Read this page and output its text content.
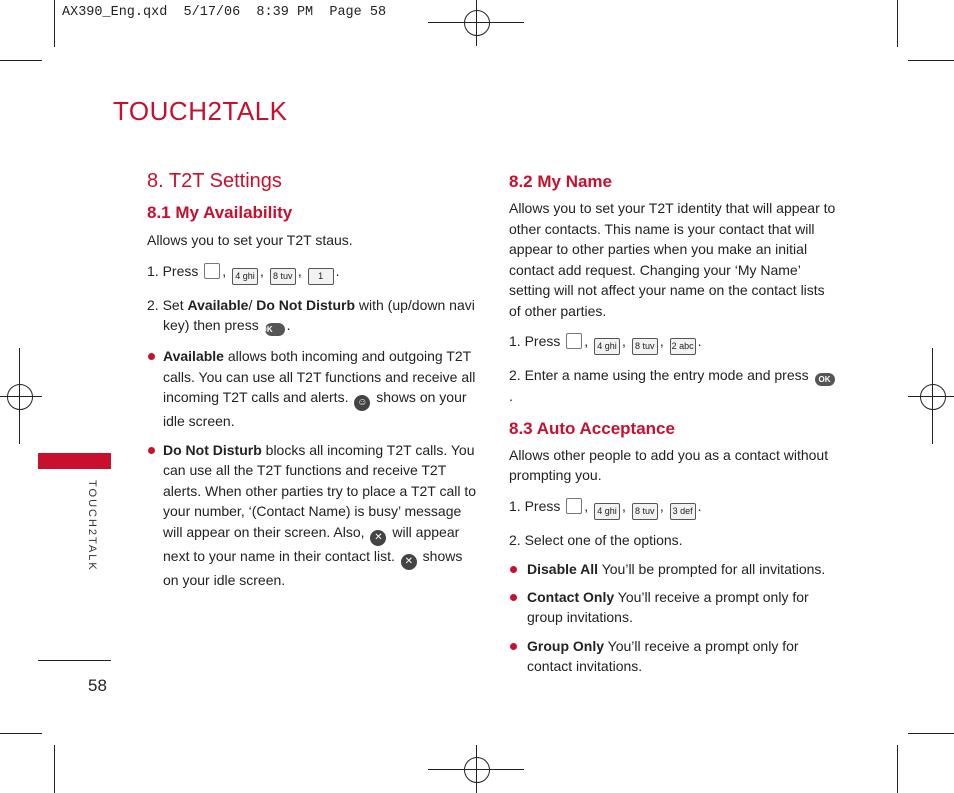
AX390_Eng.qxd  5/17/06  8:39 PM  Page 58
TOUCH2TALK
TOUCH2TALK
58
8. T2T Settings
8.1 My Availability
Allows you to set your T2T staus.
1. Press , 4 ghi , 8 tuv , 1 .
2. Set Available/ Do Not Disturb with (up/down navi key) then press OK .
Available allows both incoming and outgoing T2T calls. You can use all T2T functions and receive all incoming T2T calls and alerts. ☺ shows on your idle screen.
Do Not Disturb blocks all incoming T2T calls. You can use all the T2T functions and receive T2T alerts. When other parties try to place a T2T call to your number, ‘(Contact Name) is busy’ message will appear on their screen. Also, ✕ will appear next to your name in their contact list. ✕ shows on your idle screen.
8.2 My Name
Allows you to set your T2T identity that will appear to other contacts. This name is your contact that will appear to other parties when you make an initial contact add request. Changing your ‘My Name’ setting will not affect your name on the contact lists of other parties.
1. Press , 4 ghi , 8 tuv , 2 abc .
2. Enter a name using the entry mode and press OK.
8.3 Auto Acceptance
Allows other people to add you as a contact without prompting you.
1. Press , 4 ghi , 8 tuv , 3 def .
2. Select one of the options.
Disable All You’ll be prompted for all invitations.
Contact Only You’ll receive a prompt only for group invitations.
Group Only You’ll receive a prompt only for contact invitations.
